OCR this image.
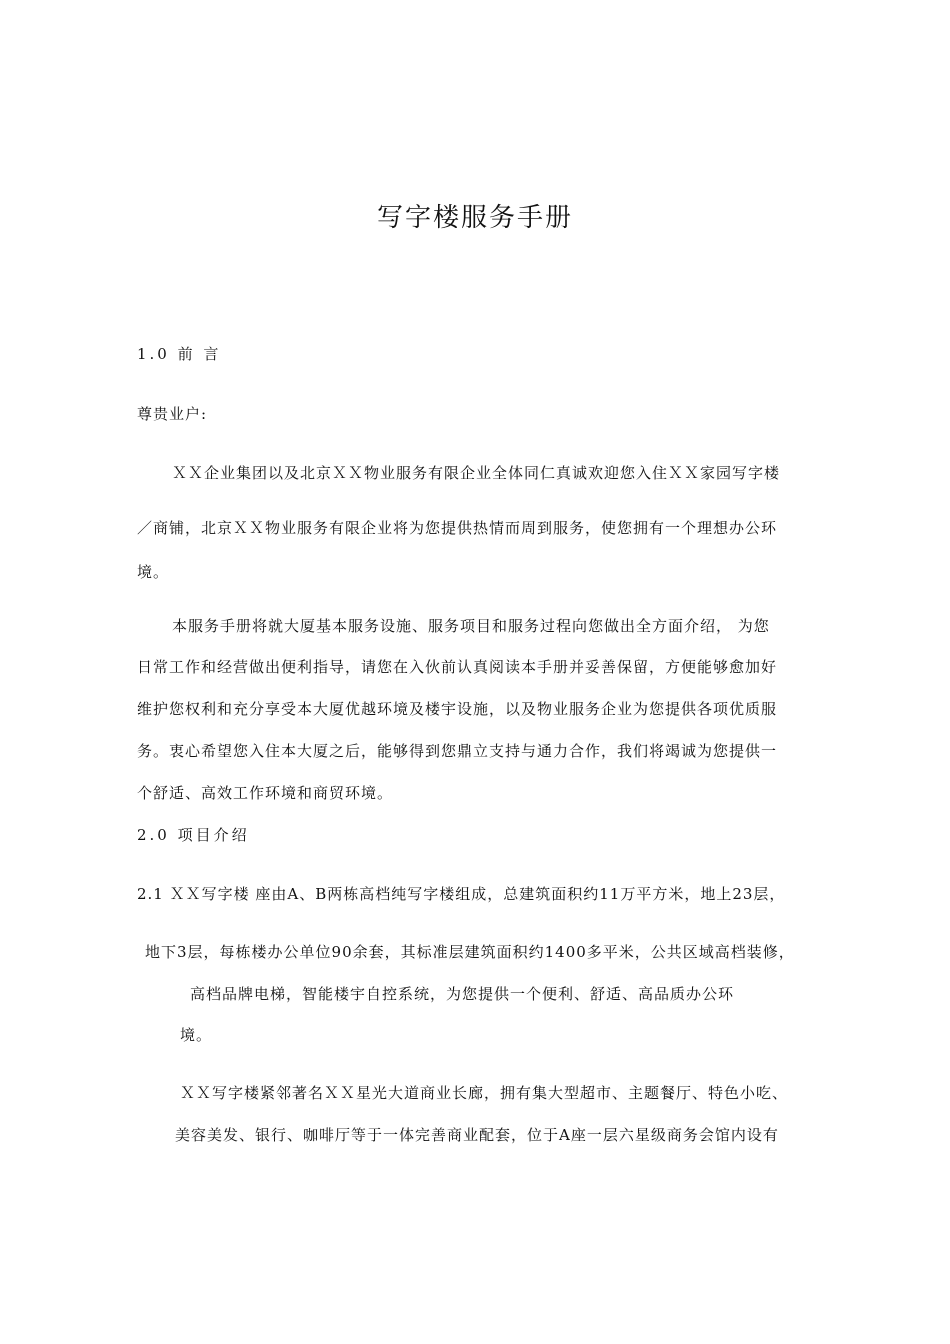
写字楼服务手册

1.0 前 言

尊贵业户:

ＸＸ企业集团以及北京ＸＸ物业服务有限企业全体同仁真诚欢迎您入住ＸＸ家园写字楼

／商铺，北京ＸＸ物业服务有限企业将为您提供热情而周到服务，使您拥有一个理想办公环

境。

本服务手册将就大厦基本服务设施、服务项目和服务过程向您做出全方面介绍， 为您

日常工作和经营做出便利指导，请您在入伙前认真阅读本手册并妥善保留，方便能够愈加好

维护您权利和充分享受本大厦优越环境及楼宇设施，以及物业服务企业为您提供各项优质服

务。衷心希望您入住本大厦之后，能够得到您鼎立支持与通力合作，我们将竭诚为您提供一

个舒适、高效工作环境和商贸环境。

2.0 项目介绍

2.1 ＸＸ写字楼 座由A、B两栋高档纯写字楼组成，总建筑面积约11万平方米，地上23层，

地下3层，每栋楼办公单位90余套，其标准层建筑面积约1400多平米，公共区域高档装修，

高档品牌电梯，智能楼宇自控系统，为您提供一个便利、舒适、高品质办公环

境。

ＸＸ写字楼紧邻著名ＸＸ星光大道商业长廊，拥有集大型超市、主题餐厅、特色小吃、

美容美发、银行、咖啡厅等于一体完善商业配套，位于A座一层六星级商务会馆内设有
